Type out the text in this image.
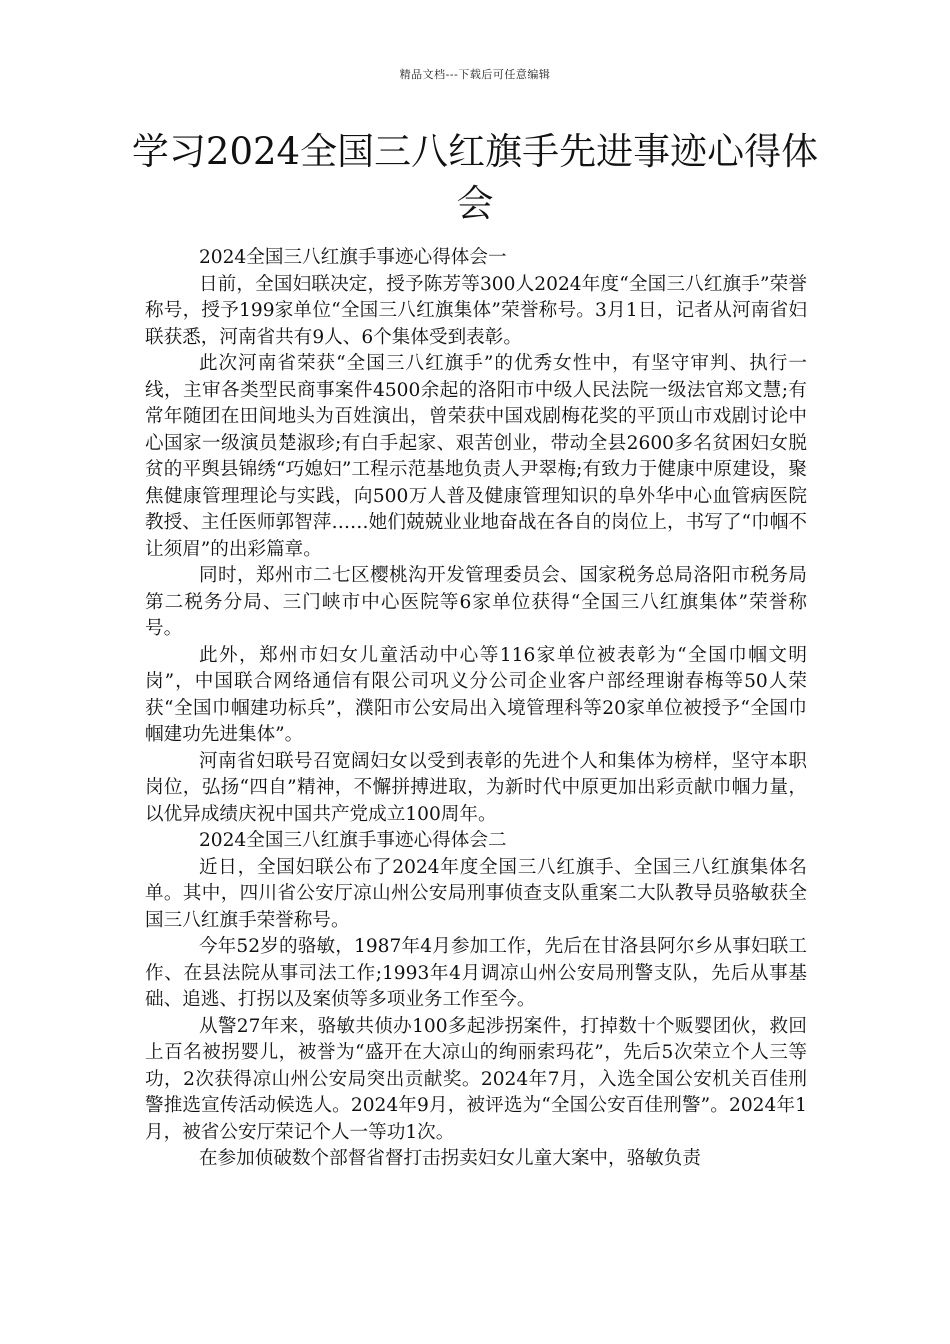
精品文档---下载后可任意编辑
学习2024全国三八红旗手先进事迹心得体会

2024全国三八红旗手事迹心得体会一

日前，全国妇联决定，授予陈芳等300人2024年度“全国三八红旗手”荣誉称号，授予199家单位“全国三八红旗集体”荣誉称号。3月1日，记者从河南省妇联获悉，河南省共有9人、6个集体受到表彰。

此次河南省荣获“全国三八红旗手”的优秀女性中，有坚守审判、执行一线，主审各类型民商事案件4500余起的洛阳市中级人民法院一级法官郑文慧;有常年随团在田间地头为百姓演出，曾荣获中国戏剧梅花奖的平顶山市戏剧讨论中心国家一级演员楚淑珍;有白手起家、艰苦创业，带动全县2600多名贫困妇女脱贫的平舆县锦绣“巧媳妇”工程示范基地负责人尹翠梅;有致力于健康中原建设，聚焦健康管理理论与实践，向500万人普及健康管理知识的阜外华中心血管病医院教授、主任医师郭智萍……她们兢兢业业地奋战在各自的岗位上，书写了“巾帼不让须眉”的出彩篇章。

同时，郑州市二七区樱桃沟开发管理委员会、国家税务总局洛阳市税务局第二税务分局、三门峡市中心医院等6家单位获得“全国三八红旗集体”荣誉称号。

此外，郑州市妇女儿童活动中心等116家单位被表彰为“全国巾帼文明岗”，中国联合网络通信有限公司巩义分公司企业客户部经理谢春梅等50人荣获“全国巾帼建功标兵”，濮阳市公安局出入境管理科等20家单位被授予“全国巾帼建功先进集体”。

河南省妇联号召宽阔妇女以受到表彰的先进个人和集体为榜样，坚守本职岗位，弘扬“四自”精神，不懈拼搏进取，为新时代中原更加出彩贡献巾帼力量，以优异成绩庆祝中国共产党成立100周年。

2024全国三八红旗手事迹心得体会二

近日，全国妇联公布了2024年度全国三八红旗手、全国三八红旗集体名单。其中，四川省公安厅凉山州公安局刑事侦查支队重案二大队教导员骆敏获全国三八红旗手荣誉称号。

今年52岁的骆敏，1987年4月参加工作，先后在甘洛县阿尔乡从事妇联工作、在县法院从事司法工作;1993年4月调凉山州公安局刑警支队，先后从事基础、追逃、打拐以及案侦等多项业务工作至今。

从警27年来，骆敏共侦办100多起涉拐案件，打掉数十个贩婴团伙，救回上百名被拐婴儿，被誉为“盛开在大凉山的绚丽索玛花”，先后5次荣立个人三等功，2次获得凉山州公安局突出贡献奖。2024年7月，入选全国公安机关百佳刑警推选宣传活动候选人。2024年9月，被评选为“全国公安百佳刑警”。2024年1月，被省公安厅荣记个人一等功1次。

在参加侦破数个部督省督打击拐卖妇女儿童大案中，骆敏负责
